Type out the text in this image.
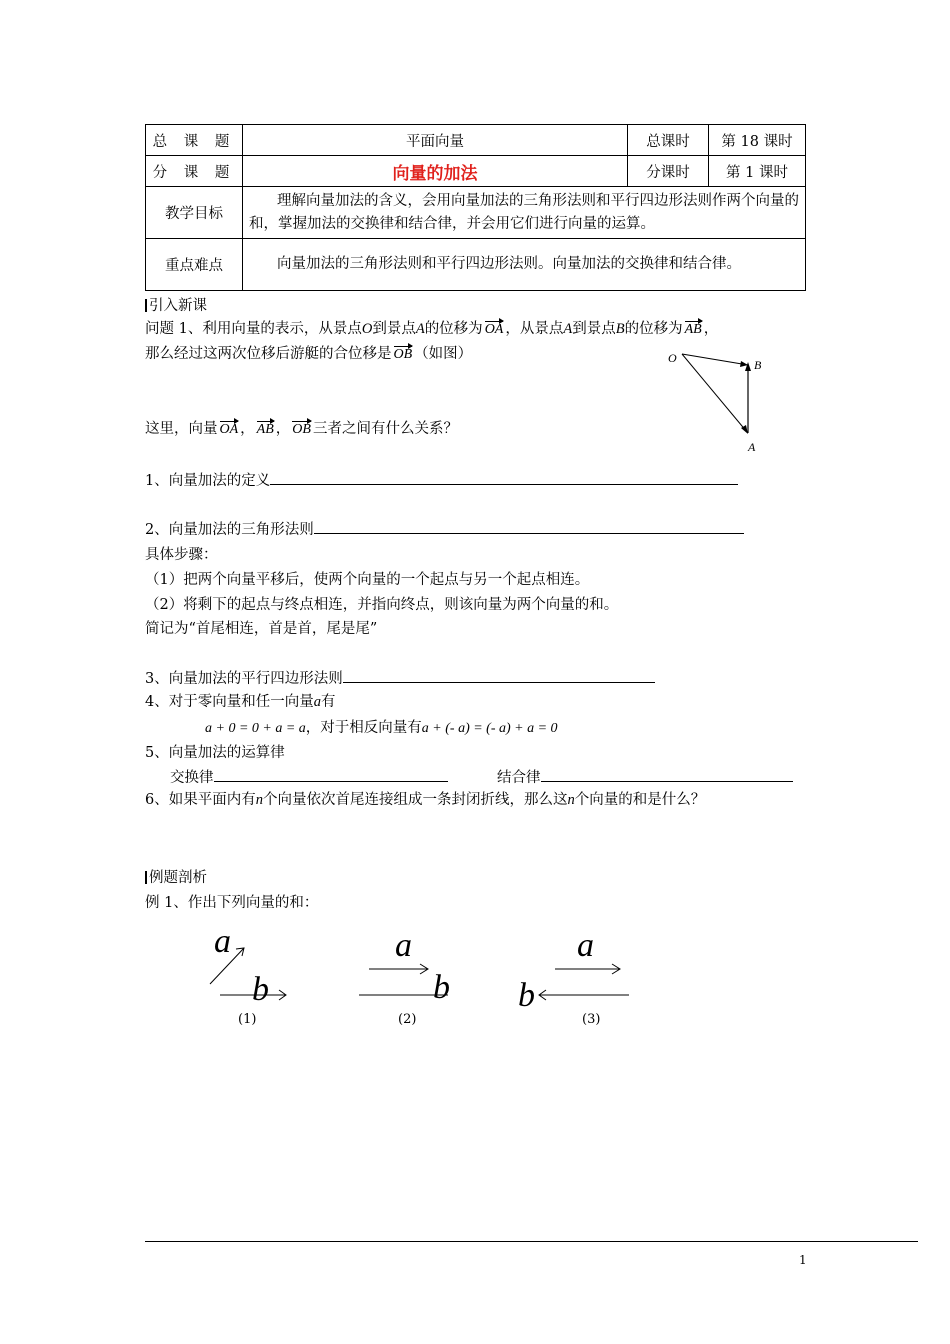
总 课 题	平面向量	总课时	第 18 课时
分 课 题	向量的加法	分课时	第 1 课时
教学目标	理解向量加法的含义，会用向量加法的三角形法则和平行四边形法则作两个向量的和，掌握加法的交换律和结合律，并会用它们进行向量的运算。		

重点难点	向量加法的三角形法则和平行四边形法则。向量加法的交换律和结合律。		
引入新课
问题 1、利用向量的表示，从景点O到景点A的位移为 OA ，从景点A到景点B的位移为 AB ，
那么经过这两次位移后游艇的合位移是 OB （如图）	O	B
A
这里，向量 OA ， AB ， OB 三者之间有什么关系？
1、向量加法的定义
2、向量加法的三角形法则
具体步骤：
（1）把两个向量平移后，使两个向量的一个起点与另一个起点相连。
（2）将剩下的起点与终点相连，并指向终点，则该向量为两个向量的和。
简记为“首尾相连，首是首，尾是尾”
3、向量加法的平行四边形法则
4、对于零向量和任一向量a有
a + 0 = 0 + a = a，对于相反向量有a + (- a) = (- a) + a = 0
5、向量加法的运算律
交换律	结合律
6、如果平面内有n个向量依次首尾连接组成一条封闭折线，那么这n个向量的和是什么？
例题剖析
例 1、作出下列向量的和：
a
b
(1)
a
b
(2)
a
b
(3)
1
